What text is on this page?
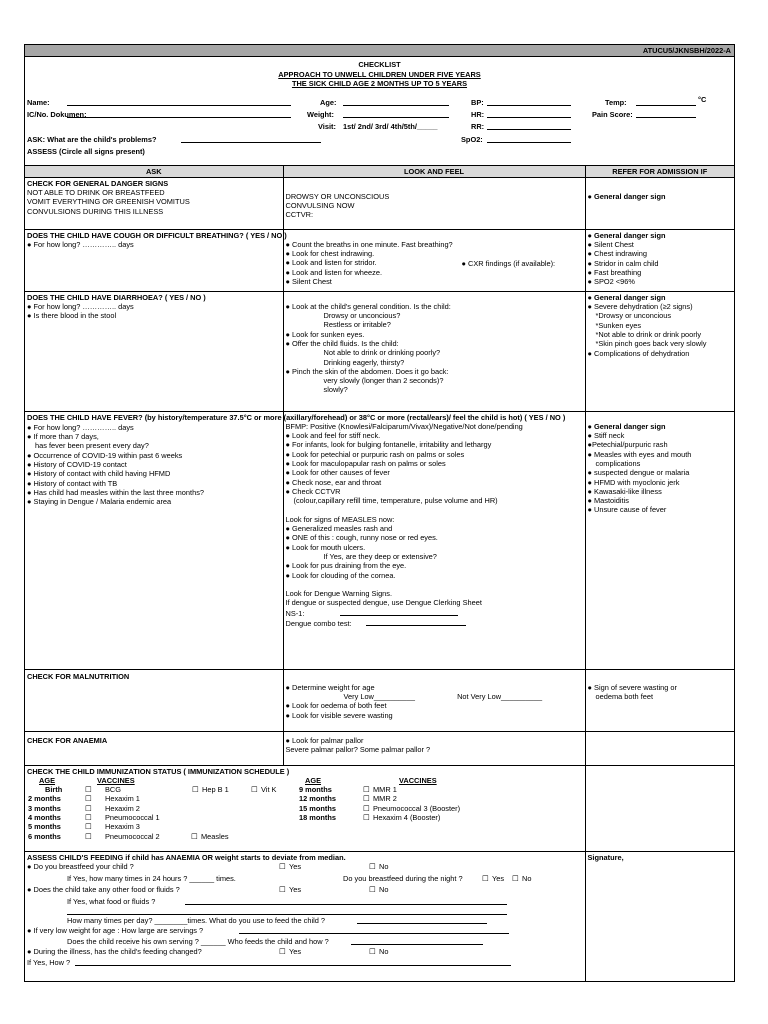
ATUCU5/JKNSBH/2022-A
CHECKLIST
APPROACH TO UNWELL CHILDREN UNDER FIVE YEARS
THE SICK CHILD AGE 2 MONTHS UP TO 5 YEARS
Name:
IC/No. Dokumen:
Age:
Weight:
Visit: 1st/ 2nd/ 3rd/ 4th/5th/_____
BP:
HR:
RR:
SpO2:
Temp:	°C
Pain Score:
ASK: What are the child's problems?
ASSESS (Circle all signs present)
ASK	LOOK AND FEEL	REFER FOR ADMISSION IF

CHECK FOR GENERAL DANGER SIGNS
NOT ABLE TO DRINK OR BREASTFEED
VOMIT EVERYTHING OR GREENISH VOMITUS
CONVULSIONS DURING THIS ILLNESS

DROWSY OR UNCONSCIOUS
CONVULSING NOW
CCTVR:

● General danger sign

DOES THE CHILD HAVE COUGH OR DIFFICULT BREATHING? ( YES / NO )
● For how long? ………….. days	● Count the breaths in one minute. Fast breathing?
● Look for chest indrawing.
● Look and listen for stridor.
● Look and listen for wheeze.
● Silent Chest
● CXR findings (if available):

● General danger sign
● Silent Chest
● Chest indrawing
● Stridor in calm child
● Fast breathing
● SPO2 <96%

DOES THE CHILD HAVE DIARRHOEA? ( YES / NO )
● For how long? ………….. days
● Is there blood in the stool

● Look at the child's general condition. Is the child:
Drowsy or unconcious?
Restless or irritable?
● Look for sunken eyes.
● Offer the child fluids. Is the child:
Not able to drink or drinking poorly?
Drinking eagerly, thirsty?
● Pinch the skin of the abdomen. Does it go back:
very slowly (longer than 2 seconds)?
slowly?

● General danger sign
● Severe dehydration (≥2 signs)
*Drowsy or unconcious
*Sunken eyes
*Not able to drink or drink poorly
*Skin pinch goes back very slowly
● Complications of dehydration

DOES THE CHILD HAVE FEVER? (by history/temperature 37.5°C or more (axillary/forehead) or 38°C or more (rectal/ears)/ feel the child is hot) ( YES / NO )
● For how long? ………….. days
● If more than 7 days,
has fever been present every day?
● Occurrence of COVID-19 within past 6 weeks
● History of COVID-19 contact
● History of contact with child having HFMD
● History of contact with TB
● Has child had measles within the last three months?
● Staying in Dengue / Malaria endemic area

BFMP: Positive (Knowlesi/Falciparum/Vivax)/Negative/Not done/pending
● Look and feel for stiff neck.
● For infants, look for bulging fontanelle, irritability and lethargy
● Look for petechial or purpuric rash on palms or soles
● Look for maculopapular rash on palms or soles
● Look for other causes of fever
● Check nose, ear and throat
● Check CCTVR
(colour,capillary refill time, temperature, pulse volume and HR)

Look for signs of MEASLES now:
● Generalized measles rash and
● ONE of this : cough, runny nose or red eyes.
● Look for mouth ulcers.
If Yes, are they deep or extensive?
● Look for pus draining from the eye.
● Look for clouding of the cornea.

Look for Dengue Warning Signs.
If dengue or suspected dengue, use Dengue Clerking Sheet
NS-1:
Dengue combo test:

● General danger sign
● Stiff neck
●Petechial/purpuric rash
● Measles with eyes and mouth
complications
● suspected dengue or malaria
● HFMD with myoclonic jerk
● Kawasaki-like illness
● Mastoiditis
● Unsure cause of fever

CHECK FOR MALNUTRITION

● Determine weight for age
Very Low__________	Not Very Low__________
● Look for oedema of both feet
● Look for visible severe wasting

● Sign of severe wasting or
oedema both feet

CHECK FOR ANAEMIA	● Look for palmar pallor
Severe palmar pallor? Some palmar pallor ?

CHECK THE CHILD IMMUNIZATION STATUS ( IMMUNIZATION SCHEDULE )
AGE	VACCINES	AGE	VACCINES
Birth	☐ BCG	☐ Hep B 1	☐ Vit K
2 months	☐ Hexaxim 1
3 months	☐ Hexaxim 2
4 months	☐ Pneumococcal 1
5 months	☐ Hexaxim 3
6 months	☐ Pneumococcal 2	☐ Measles
9 months	☐ MMR 1
12 months	☐ MMR 2
15 months	☐ Pneumococcal 3 (Booster)
18 months	☐ Hexaxim 4 (Booster)

ASSESS CHILD'S FEEDING if child has ANAEMIA OR weight starts to deviate from median.
● Do you breastfeed your child ?	☐ Yes	☐ No
If Yes, how many times in 24 hours ? ______ times.	Do you breastfeed during the night ?	☐ Yes ☐ No
● Does the child take any other food or fluids ?	☐ Yes	☐ No
If Yes, what food or fluids ?
How many times per day? ________times. What do you use to feed the child ?
● If very low weight for age : How large are servings ?
Does the child receive his own serving ? ______ Who feeds the child and how ?
● During the illness, has the child's feeding changed?	☐ Yes	☐ No
If Yes, How ?

Signature,
